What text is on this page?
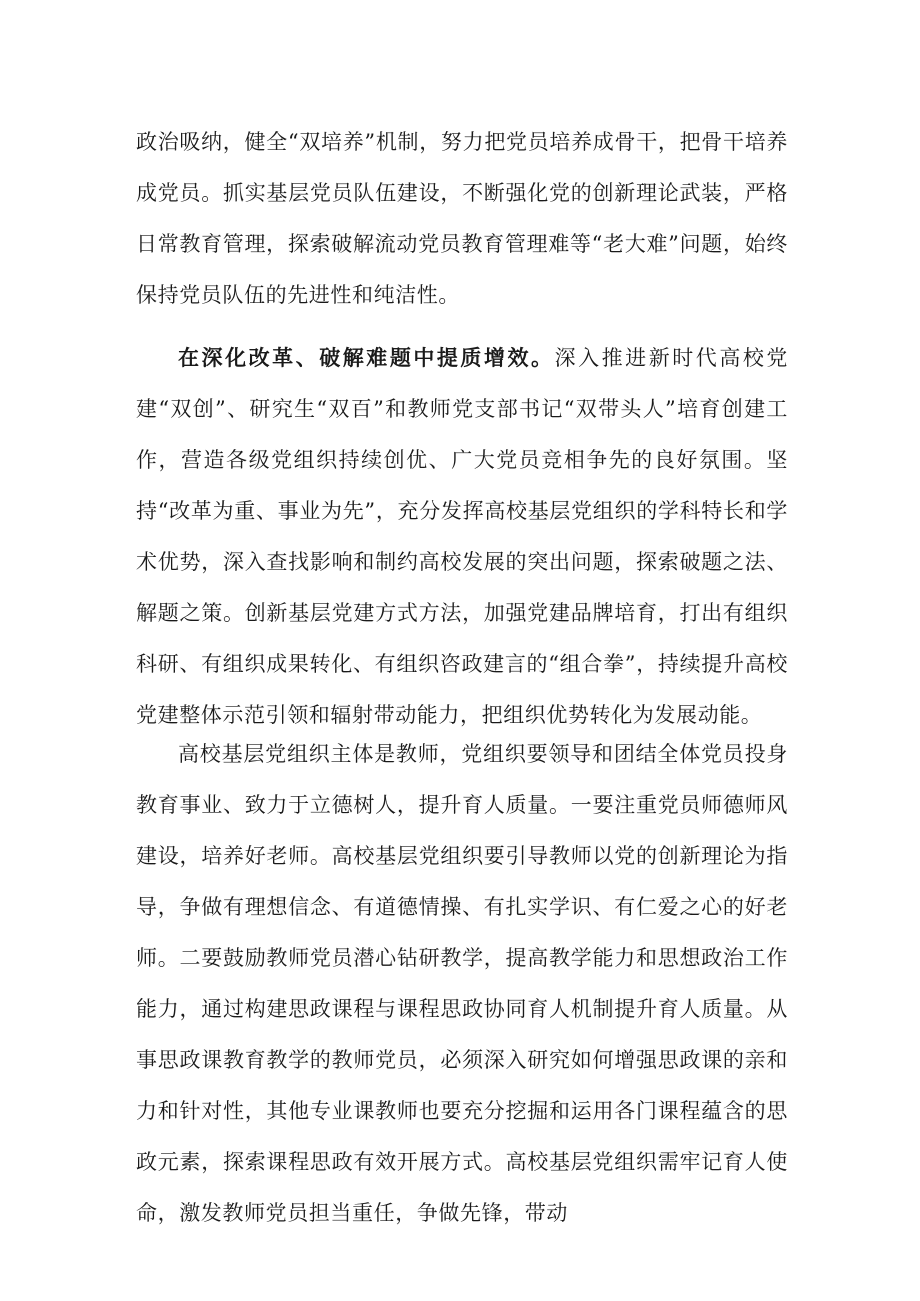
政治吸纳，健全“双培养”机制，努力把党员培养成骨干，把骨干培养成党员。抓实基层党员队伍建设，不断强化党的创新理论武装，严格日常教育管理，探索破解流动党员教育管理难等“老大难”问题，始终保持党员队伍的先进性和纯洁性。

在深化改革、破解难题中提质增效。深入推进新时代高校党建“双创”、研究生“双百”和教师党支部书记“双带头人”培育创建工作，营造各级党组织持续创优、广大党员竞相争先的良好氛围。坚持“改革为重、事业为先”，充分发挥高校基层党组织的学科特长和学术优势，深入查找影响和制约高校发展的突出问题，探索破题之法、解题之策。创新基层党建方式方法，加强党建品牌培育，打出有组织科研、有组织成果转化、有组织咨政建言的“组合拳”，持续提升高校党建整体示范引领和辐射带动能力，把组织优势转化为发展动能。

高校基层党组织主体是教师，党组织要领导和团结全体党员投身教育事业、致力于立德树人，提升育人质量。一要注重党员师德师风建设，培养好老师。高校基层党组织要引导教师以党的创新理论为指导，争做有理想信念、有道德情操、有扎实学识、有仁爱之心的好老师。二要鼓励教师党员潜心钻研教学，提高教学能力和思想政治工作能力，通过构建思政课程与课程思政协同育人机制提升育人质量。从事思政课教育教学的教师党员，必须深入研究如何增强思政课的亲和力和针对性，其他专业课教师也要充分挖掘和运用各门课程蕴含的思政元素，探索课程思政有效开展方式。高校基层党组织需牢记育人使命，激发教师党员担当重任，争做先锋，带动
